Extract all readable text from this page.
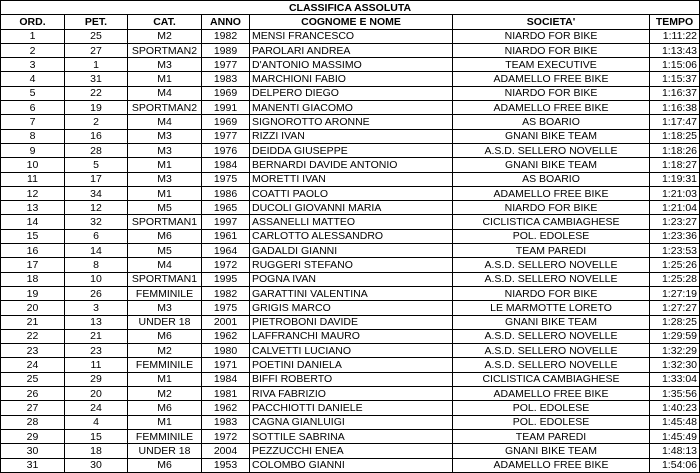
CLASSIFICA ASSOLUTA						
ORD.	PET.	CAT.	ANNO	COGNOME E NOME	SOCIETA'	TEMPO
1	25	M2	1982	MENSI FRANCESCO	NIARDO FOR BIKE	1:11:22
2	27	SPORTMAN2	1989	PAROLARI ANDREA	NIARDO FOR BIKE	1:13:43
3	1	M3	1977	D'ANTONIO MASSIMO	TEAM EXECUTIVE	1:15:06
4	31	M1	1983	MARCHIONI FABIO	ADAMELLO FREE BIKE	1:15:37
5	22	M4	1969	DELPERO DIEGO	NIARDO FOR BIKE	1:16:37
6	19	SPORTMAN2	1991	MANENTI GIACOMO	ADAMELLO FREE BIKE	1:16:38
7	2	M4	1969	SIGNOROTTO ARONNE	AS BOARIO	1:17:47
8	16	M3	1977	RIZZI IVAN	GNANI BIKE TEAM	1:18:25
9	28	M3	1976	DEIDDA GIUSEPPE	A.S.D. SELLERO NOVELLE	1:18:26
10	5	M1	1984	BERNARDI DAVIDE ANTONIO	GNANI BIKE TEAM	1:18:27
11	17	M3	1975	MORETTI IVAN	AS BOARIO	1:19:31
12	34	M1	1986	COATTI PAOLO	ADAMELLO FREE BIKE	1:21:03
13	12	M5	1965	DUCOLI GIOVANNI MARIA	NIARDO FOR BIKE	1:21:04
14	32	SPORTMAN1	1997	ASSANELLI MATTEO	CICLISTICA CAMBIAGHESE	1:23:27
15	6	M6	1961	CARLOTTO ALESSANDRO	POL. EDOLESE	1:23:36
16	14	M5	1964	GADALDI GIANNI	TEAM PAREDI	1:23:53
17	8	M4	1972	RUGGERI STEFANO	A.S.D. SELLERO NOVELLE	1:25:26
18	10	SPORTMAN1	1995	POGNA IVAN	A.S.D. SELLERO NOVELLE	1:25:28
19	26	FEMMINILE	1982	GARATTINI VALENTINA	NIARDO FOR BIKE	1:27:19
20	3	M3	1975	GRIGIS MARCO	LE MARMOTTE LORETO	1:27:27
21	13	UNDER 18	2001	PIETROBONI DAVIDE	GNANI BIKE TEAM	1:28:25
22	21	M6	1962	LAFFRANCHI MAURO	A.S.D. SELLERO NOVELLE	1:29:59
23	23	M2	1980	CALVETTI LUCIANO	A.S.D. SELLERO NOVELLE	1:32:29
24	11	FEMMINILE	1971	POETINI DANIELA	A.S.D. SELLERO NOVELLE	1:32:30
25	29	M1	1984	BIFFI ROBERTO	CICLISTICA CAMBIAGHESE	1:33:04
26	20	M2	1981	RIVA FABRIZIO	ADAMELLO FREE BIKE	1:35:56
27	24	M6	1962	PACCHIOTTI DANIELE	POL. EDOLESE	1:40:23
28	4	M1	1983	CAGNA GIANLUIGI	POL. EDOLESE	1:45:48
29	15	FEMMINILE	1972	SOTTILE SABRINA	TEAM PAREDI	1:45:49
30	18	UNDER 18	2004	PEZZUCCHI ENEA	GNANI BIKE TEAM	1:48:13
31	30	M6	1953	COLOMBO GIANNI	ADAMELLO FREE BIKE	1:54:06
